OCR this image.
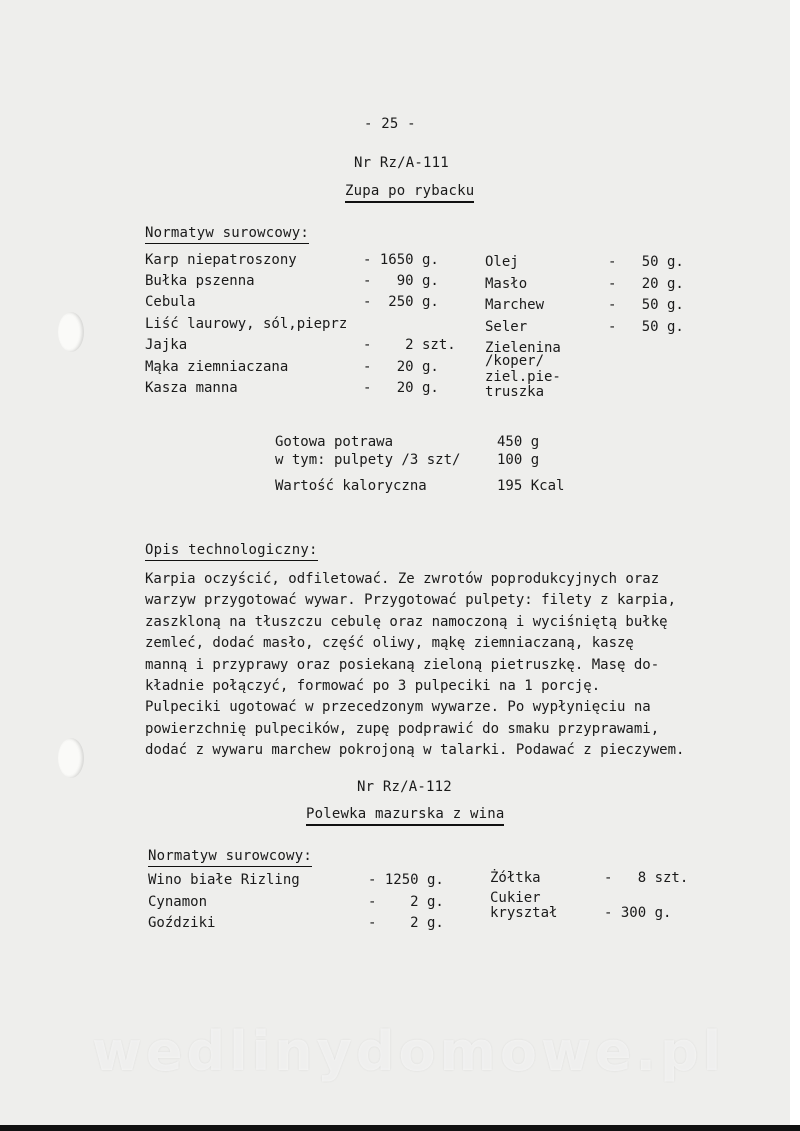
- 25 -
Nr Rz/A-111
Zupa po rybacku
Normatyw surowcowy:
Karp niepatroszony	- 1650 g.
Bułka pszenna	-   90 g.
Cebula	-  250 g.
Liść laurowy, sól,pieprz
Jajka	-    2 szt.
Mąka ziemniaczana	-   20 g.
Kasza manna	-   20 g.
Olej	-   50 g.
Masło	-   20 g.
Marchew	-   50 g.
Seler	-   50 g.
Zielenina
/koper/
ziel.pie-
truszka
Gotowa potrawa	450 g
w tym: pulpety /3 szt/	100 g
Wartość kaloryczna	195 Kcal
Opis technologiczny:
Karpia oczyścić, odfiletować. Ze zwrotów poprodukcyjnych oraz
warzyw przygotować wywar. Przygotować pulpety: filety z karpia,
zaszkloną na tłuszczu cebulę oraz namoczoną i wyciśniętą bułkę
zemleć, dodać masło, część oliwy, mąkę ziemniaczaną, kaszę
manną i przyprawy oraz posiekaną zieloną pietruszkę. Masę do-
kładnie połączyć, formować po 3 pulpeciki na 1 porcję.
Pulpeciki ugotować w przecedzonym wywarze. Po wypłynięciu na
powierzchnię pulpecików, zupę podprawić do smaku przyprawami,
dodać z wywaru marchew pokrojoną w talarki. Podawać z pieczywem.
Nr Rz/A-112
Polewka mazurska z wina
Normatyw surowcowy:
Wino białe Rizling	- 1250 g.
Cynamon	-    2 g.
Goździki	-    2 g.
Żółtka	-   8 szt.
Cukier
kryształ	- 300 g.
wedlinydomowe.pl
